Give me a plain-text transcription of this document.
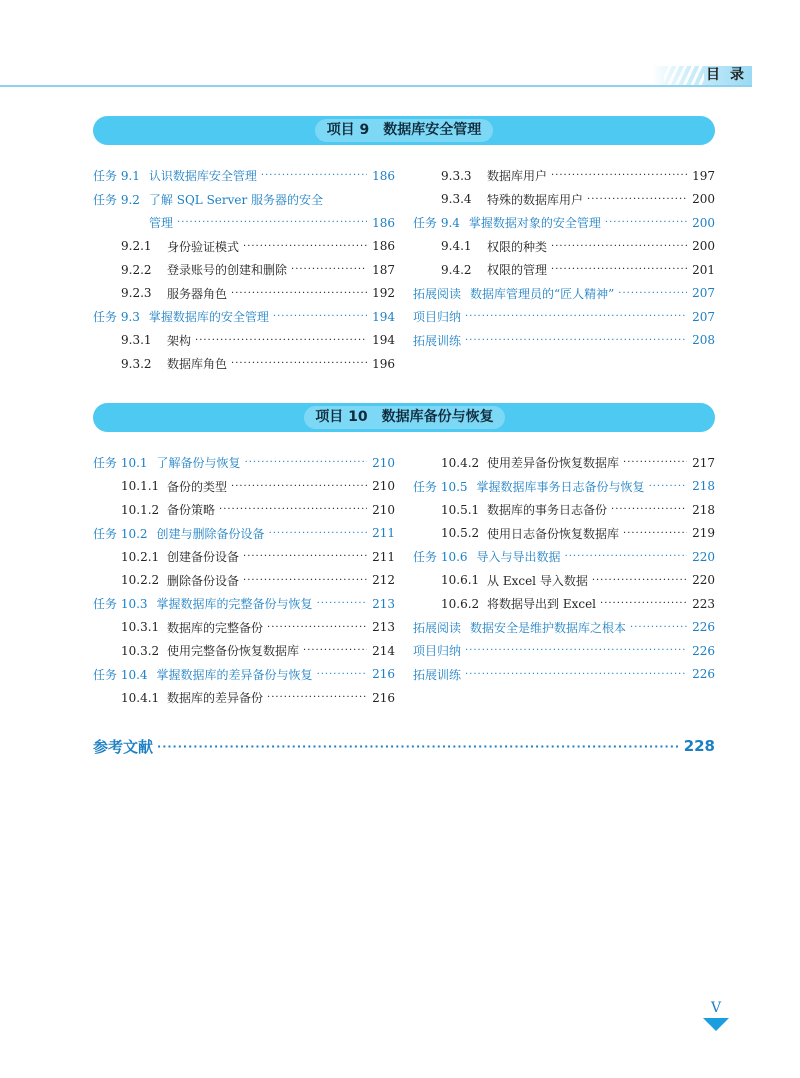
目录
项目 9　数据库安全管理
任务 9.1 认识数据库安全管理 ·····	186
任务 9.2 了解 SQL Server 服务器的安全
管理 ·····	186
9.2.1	身份验证模式 ·····	186
9.2.2	登录账号的创建和删除 ·····	187
9.2.3	服务器角色 ·····	192
任务 9.3 掌握数据库的安全管理 ·····	194
9.3.1	架构 ·····	194
9.3.2	数据库角色 ·····	196
9.3.3	数据库用户 ·····	197
9.3.4	特殊的数据库用户 ·····	200
任务 9.4 掌握数据对象的安全管理 ·····	200
9.4.1	权限的种类 ·····	200
9.4.2	权限的管理 ·····	201
拓展阅读 数据库管理员的“匠人精神” ·····	207
项目归纳 ·····	207
拓展训练 ·····	208
项目 10　数据库备份与恢复
任务 10.1 了解备份与恢复 ·····	210
10.1.1 备份的类型 ·····	210
10.1.2 备份策略 ·····	210
任务 10.2 创建与删除备份设备 ·····	211
10.2.1 创建备份设备 ·····	211
10.2.2 删除备份设备 ·····	212
任务 10.3 掌握数据库的完整备份与恢复 ·····	213
10.3.1 数据库的完整备份 ·····	213
10.3.2 使用完整备份恢复数据库 ·····	214
任务 10.4 掌握数据库的差异备份与恢复 ·····	216
10.4.1 数据库的差异备份 ·····	216
10.4.2 使用差异备份恢复数据库 ·····	217
任务 10.5 掌握数据库事务日志备份与恢复 ·····	218
10.5.1 数据库的事务日志备份 ·····	218
10.5.2 使用日志备份恢复数据库 ·····	219
任务 10.6 导入与导出数据 ·····	220
10.6.1 从 Excel 导入数据 ·····	220
10.6.2 将数据导出到 Excel ·····	223
拓展阅读 数据安全是维护数据库之根本 ·····	226
项目归纳 ·····	226
拓展训练 ·····	226
参考文献 ·····	228
V
